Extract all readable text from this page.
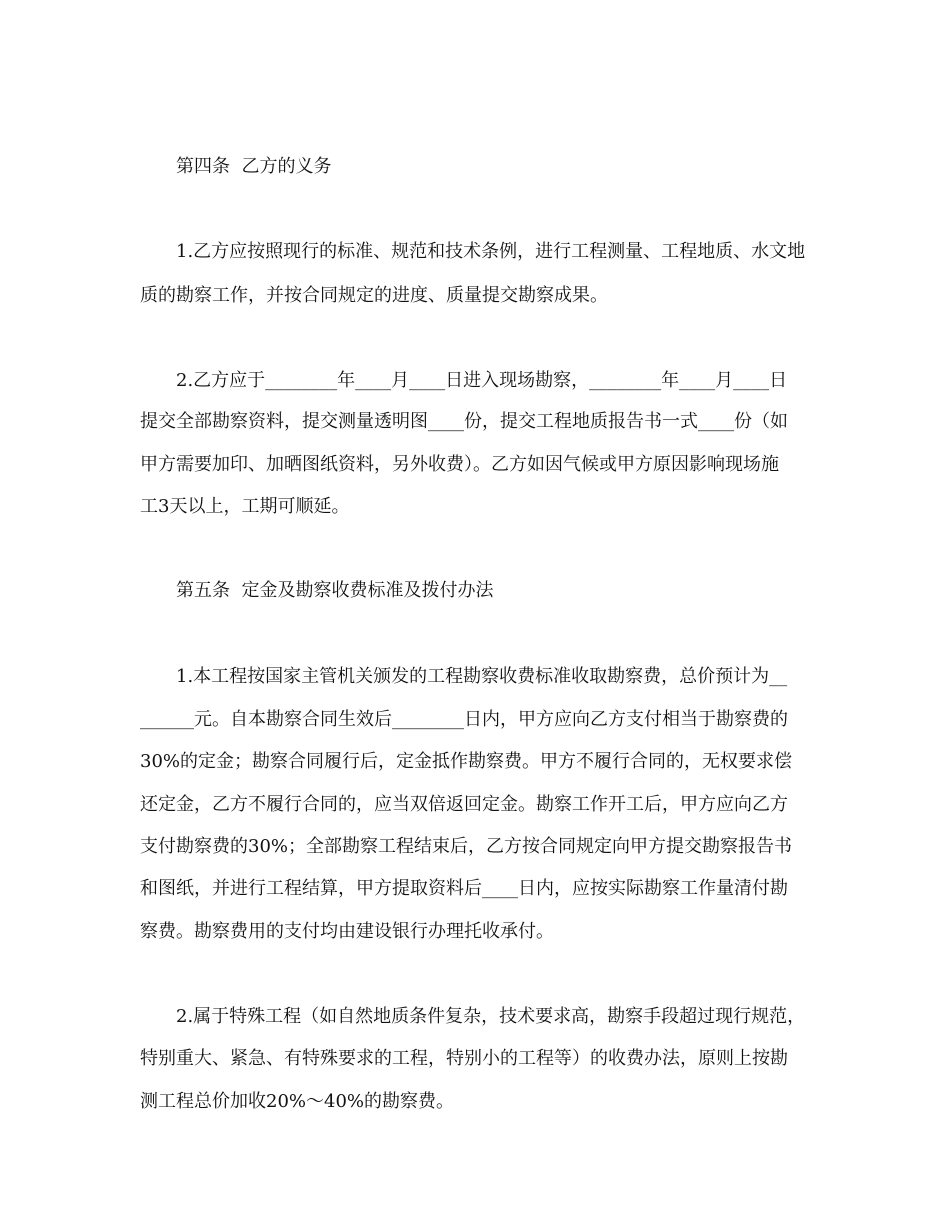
第四条  乙方的义务

1.乙方应按照现行的标准、规范和技术条例，进行工程测量、工程地质、水文地

质的勘察工作，并按合同规定的进度、质量提交勘察成果。

2.乙方应于________年____月____日进入现场勘察，________年____月____日

提交全部勘察资料，提交测量透明图____份，提交工程地质报告书一式____份（如

甲方需要加印、加晒图纸资料，另外收费）。乙方如因气候或甲方原因影响现场施

工3天以上，工期可顺延。

第五条  定金及勘察收费标准及拨付办法

1.本工程按国家主管机关颁发的工程勘察收费标准收取勘察费，总价预计为__

______元。自本勘察合同生效后________日内，甲方应向乙方支付相当于勘察费的

30%的定金；勘察合同履行后，定金抵作勘察费。甲方不履行合同的，无权要求偿

还定金，乙方不履行合同的，应当双倍返回定金。勘察工作开工后，甲方应向乙方

支付勘察费的30%；全部勘察工程结束后，乙方按合同规定向甲方提交勘察报告书

和图纸，并进行工程结算，甲方提取资料后____日内，应按实际勘察工作量清付勘

察费。勘察费用的支付均由建设银行办理托收承付。

2.属于特殊工程（如自然地质条件复杂，技术要求高，勘察手段超过现行规范，

特别重大、紧急、有特殊要求的工程，特别小的工程等）的收费办法，原则上按勘

测工程总价加收20%～40%的勘察费。
